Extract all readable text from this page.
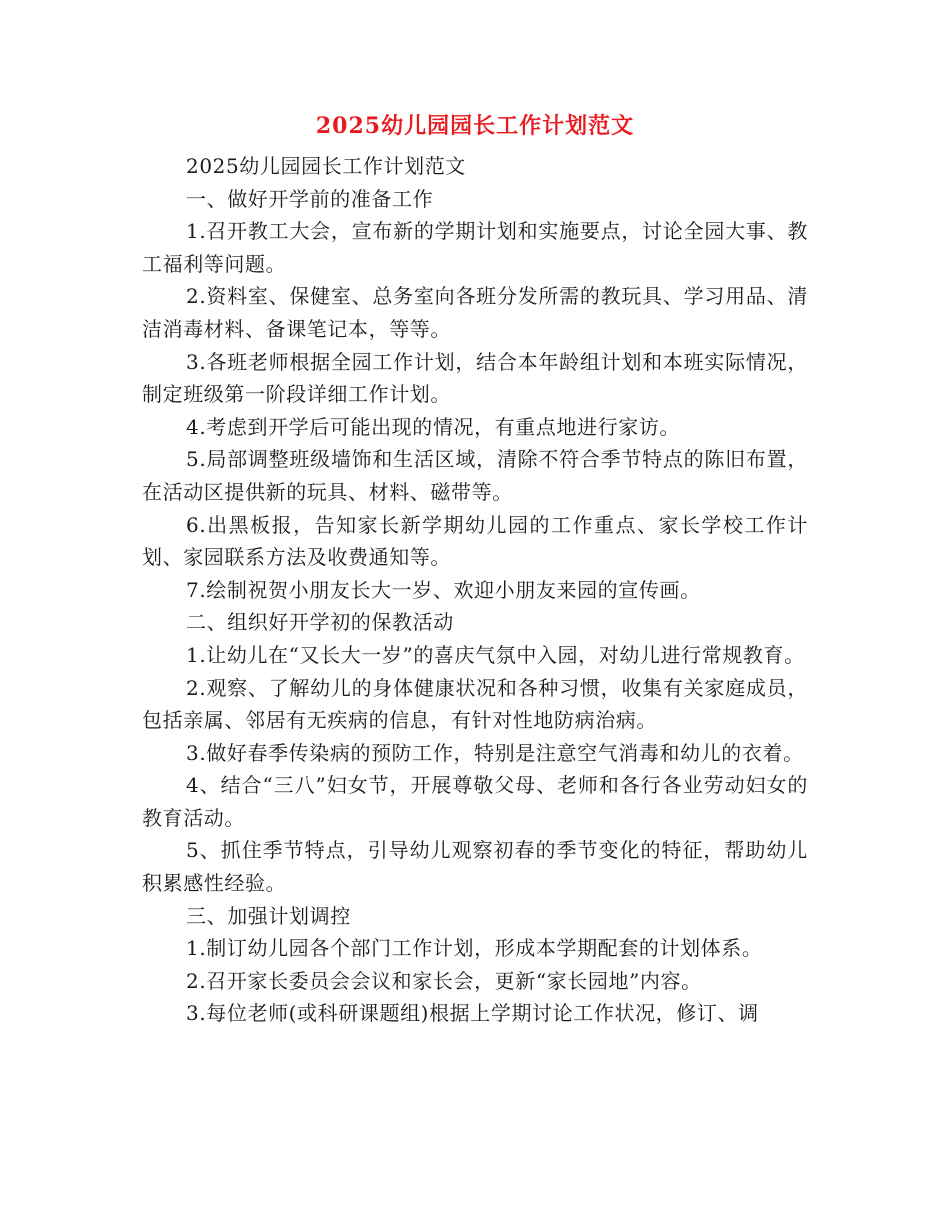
2025幼儿园园长工作计划范文

2025幼儿园园长工作计划范文

一、做好开学前的准备工作

1.召开教工大会，宣布新的学期计划和实施要点，讨论全园大事、教工福利等问题。

2.资料室、保健室、总务室向各班分发所需的教玩具、学习用品、清洁消毒材料、备课笔记本，等等。

3.各班老师根据全园工作计划，结合本年龄组计划和本班实际情况，制定班级第一阶段详细工作计划。

4.考虑到开学后可能出现的情况，有重点地进行家访。

5.局部调整班级墙饰和生活区域，清除不符合季节特点的陈旧布置，在活动区提供新的玩具、材料、磁带等。

6.出黑板报，告知家长新学期幼儿园的工作重点、家长学校工作计划、家园联系方法及收费通知等。

7.绘制祝贺小朋友长大一岁、欢迎小朋友来园的宣传画。

二、组织好开学初的保教活动

1.让幼儿在“又长大一岁”的喜庆气氛中入园，对幼儿进行常规教育。

2.观察、了解幼儿的身体健康状况和各种习惯，收集有关家庭成员，包括亲属、邻居有无疾病的信息，有针对性地防病治病。

3.做好春季传染病的预防工作，特别是注意空气消毒和幼儿的衣着。

4、结合“三八”妇女节，开展尊敬父母、老师和各行各业劳动妇女的教育活动。

5、抓住季节特点，引导幼儿观察初春的季节变化的特征，帮助幼儿积累感性经验。

三、加强计划调控

1.制订幼儿园各个部门工作计划，形成本学期配套的计划体系。

2.召开家长委员会会议和家长会，更新“家长园地”内容。

3.每位老师(或科研课题组)根据上学期讨论工作状况，修订、调
